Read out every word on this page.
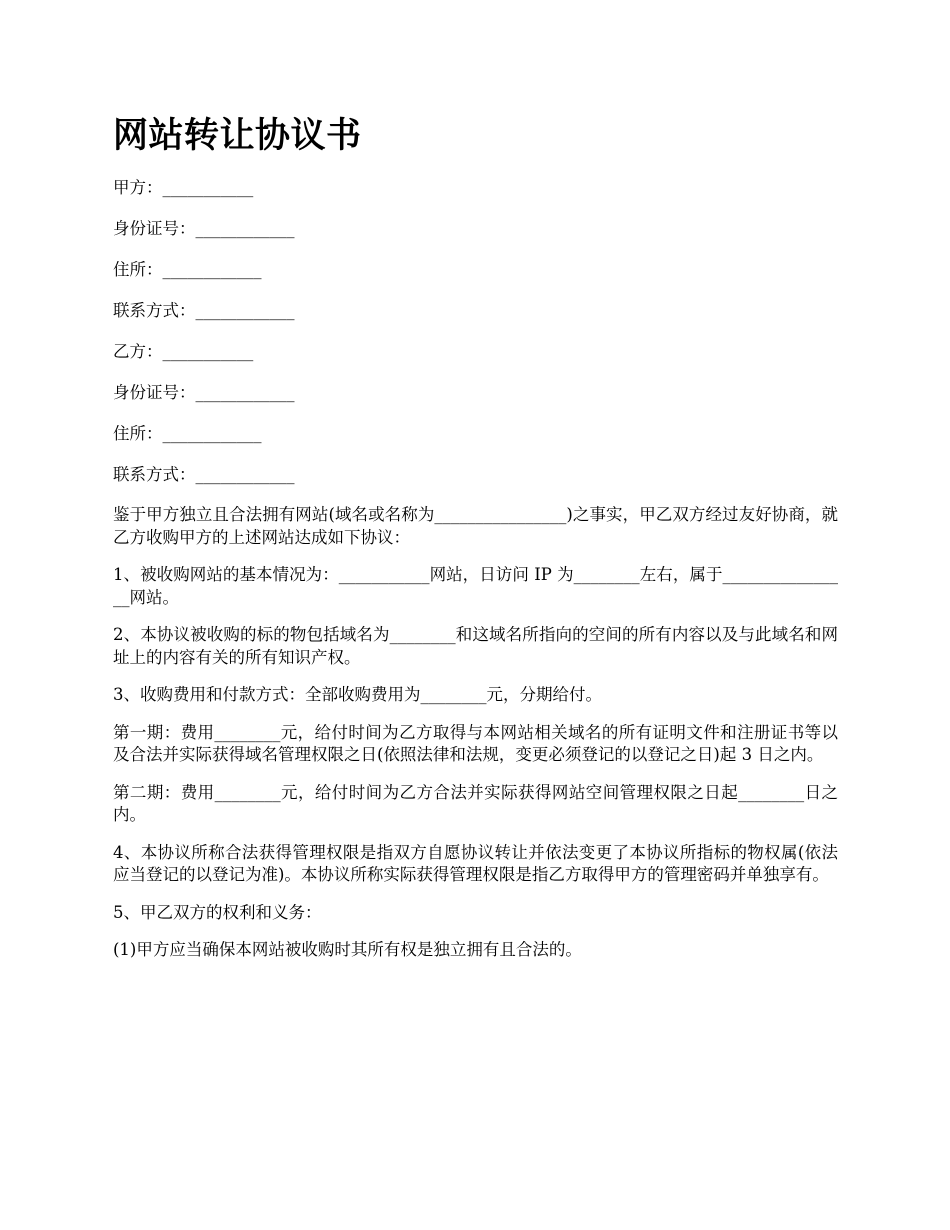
网站转让协议书
甲方：___________
身份证号：____________
住所：____________
联系方式：____________
乙方：___________
身份证号：____________
住所：____________
联系方式：____________

鉴于甲方独立且合法拥有网站(域名或名称为________________)之事实，甲乙双方经过友好协商，就乙方收购甲方的上述网站达成如下协议：

1、被收购网站的基本情况为：___________网站，日访问 IP 为________左右，属于________________网站。

2、本协议被收购的标的物包括域名为________和这域名所指向的空间的所有内容以及与此域名和网址上的内容有关的所有知识产权。

3、收购费用和付款方式：全部收购费用为________元，分期给付。

第一期：费用________元，给付时间为乙方取得与本网站相关域名的所有证明文件和注册证书等以及合法并实际获得域名管理权限之日(依照法律和法规，变更必须登记的以登记之日)起 3 日之内。

第二期：费用________元，给付时间为乙方合法并实际获得网站空间管理权限之日起________日之内。

4、本协议所称合法获得管理权限是指双方自愿协议转让并依法变更了本协议所指标的物权属(依法应当登记的以登记为准)。本协议所称实际获得管理权限是指乙方取得甲方的管理密码并单独享有。

5、甲乙双方的权利和义务：

(1)甲方应当确保本网站被收购时其所有权是独立拥有且合法的。
